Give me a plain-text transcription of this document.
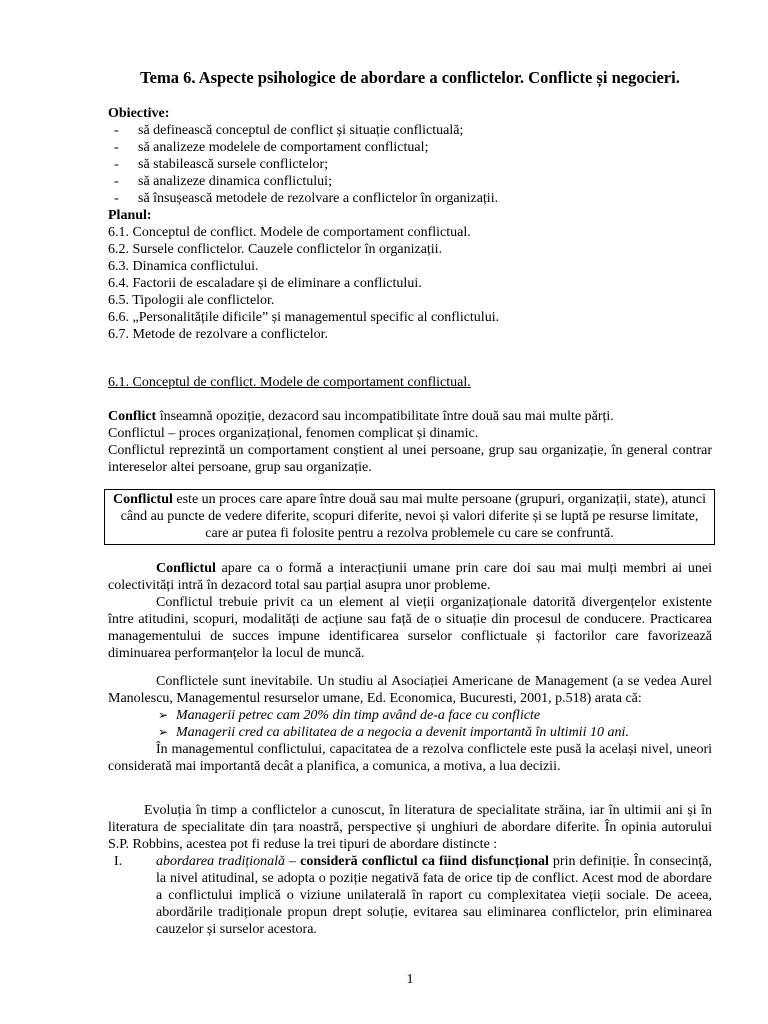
Tema 6. Aspecte psihologice de abordare a conflictelor. Conflicte și negocieri.
Obiective:
- să definească conceptul de conflict și situație conflictuală;
- să analizeze modelele de comportament conflictual;
- să stabilească sursele conflictelor;
- să analizeze dinamica conflictului;
- să însușească metodele de rezolvare a conflictelor în organizații.
Planul:
6.1. Conceptul de conflict. Modele de comportament conflictual.
6.2. Sursele conflictelor. Cauzele conflictelor în organizații.
6.3. Dinamica conflictului.
6.4. Factorii de escaladare și de eliminare a conflictului.
6.5. Tipologii ale conflictelor.
6.6. „Personalitățile dificile” și managementul specific al conflictului.
6.7. Metode de rezolvare a conflictelor.
6.1. Conceptul de conflict. Modele de comportament conflictual.
Conflict înseamnă opoziție, dezacord sau incompatibilitate între două sau mai multe părți.
Conflictul – proces organizațional, fenomen complicat și dinamic.
Conflictul reprezintă un comportament conștient al unei persoane, grup sau organizație, în general contrar intereselor altei persoane, grup sau organizație.
Conflictul este un proces care apare între două sau mai multe persoane (grupuri, organizații, state), atunci când au puncte de vedere diferite, scopuri diferite, nevoi și valori diferite și se luptă pe resurse limitate, care ar putea fi folosite pentru a rezolva problemele cu care se confruntă.
Conflictul apare ca o formă a interacțiunii umane prin care doi sau mai mulți membri ai unei colectivități intră în dezacord total sau parțial asupra unor probleme.
Conflictul trebuie privit ca un element al vieții organizaționale datorită divergențelor existente între atitudini, scopuri, modalități de acțiune sau față de o situație din procesul de conducere. Practicarea managementului de succes impune identificarea surselor conflictuale și factorilor care favorizează diminuarea performanțelor la locul de muncă.
Conflictele sunt inevitabile. Un studiu al Asociației Americane de Management (a se vedea Aurel Manolescu, Managementul resurselor umane, Ed. Economica, Bucuresti, 2001, p.518) arata că:
➢ Managerii petrec cam 20% din timp având de-a face cu conflicte
➢ Managerii cred ca abilitatea de a negocia a devenit importantă în ultimii 10 ani.
În managementul conflictului, capacitatea de a rezolva conflictele este pusă la același nivel, uneori considerată mai importantă decât a planifica, a comunica, a motiva, a lua decizii.
Evoluția în timp a conflictelor a cunoscut, în literatura de specialitate străina, iar în ultimii ani și în literatura de specialitate din țara noastră, perspective și unghiuri de abordare diferite. În opinia autorului S.P. Robbins, acestea pot fi reduse la trei tipuri de abordare distincte :
I. abordarea tradițională – consideră conflictul ca fiind disfuncțional prin definiție. În consecință, la nivel atitudinal, se adopta o poziție negativă fata de orice tip de conflict. Acest mod de abordare a conflictului implică o viziune unilaterală în raport cu complexitatea vieții sociale. De aceea, abordările tradiționale propun drept soluție, evitarea sau eliminarea conflictelor, prin eliminarea cauzelor și surselor acestora.
1
